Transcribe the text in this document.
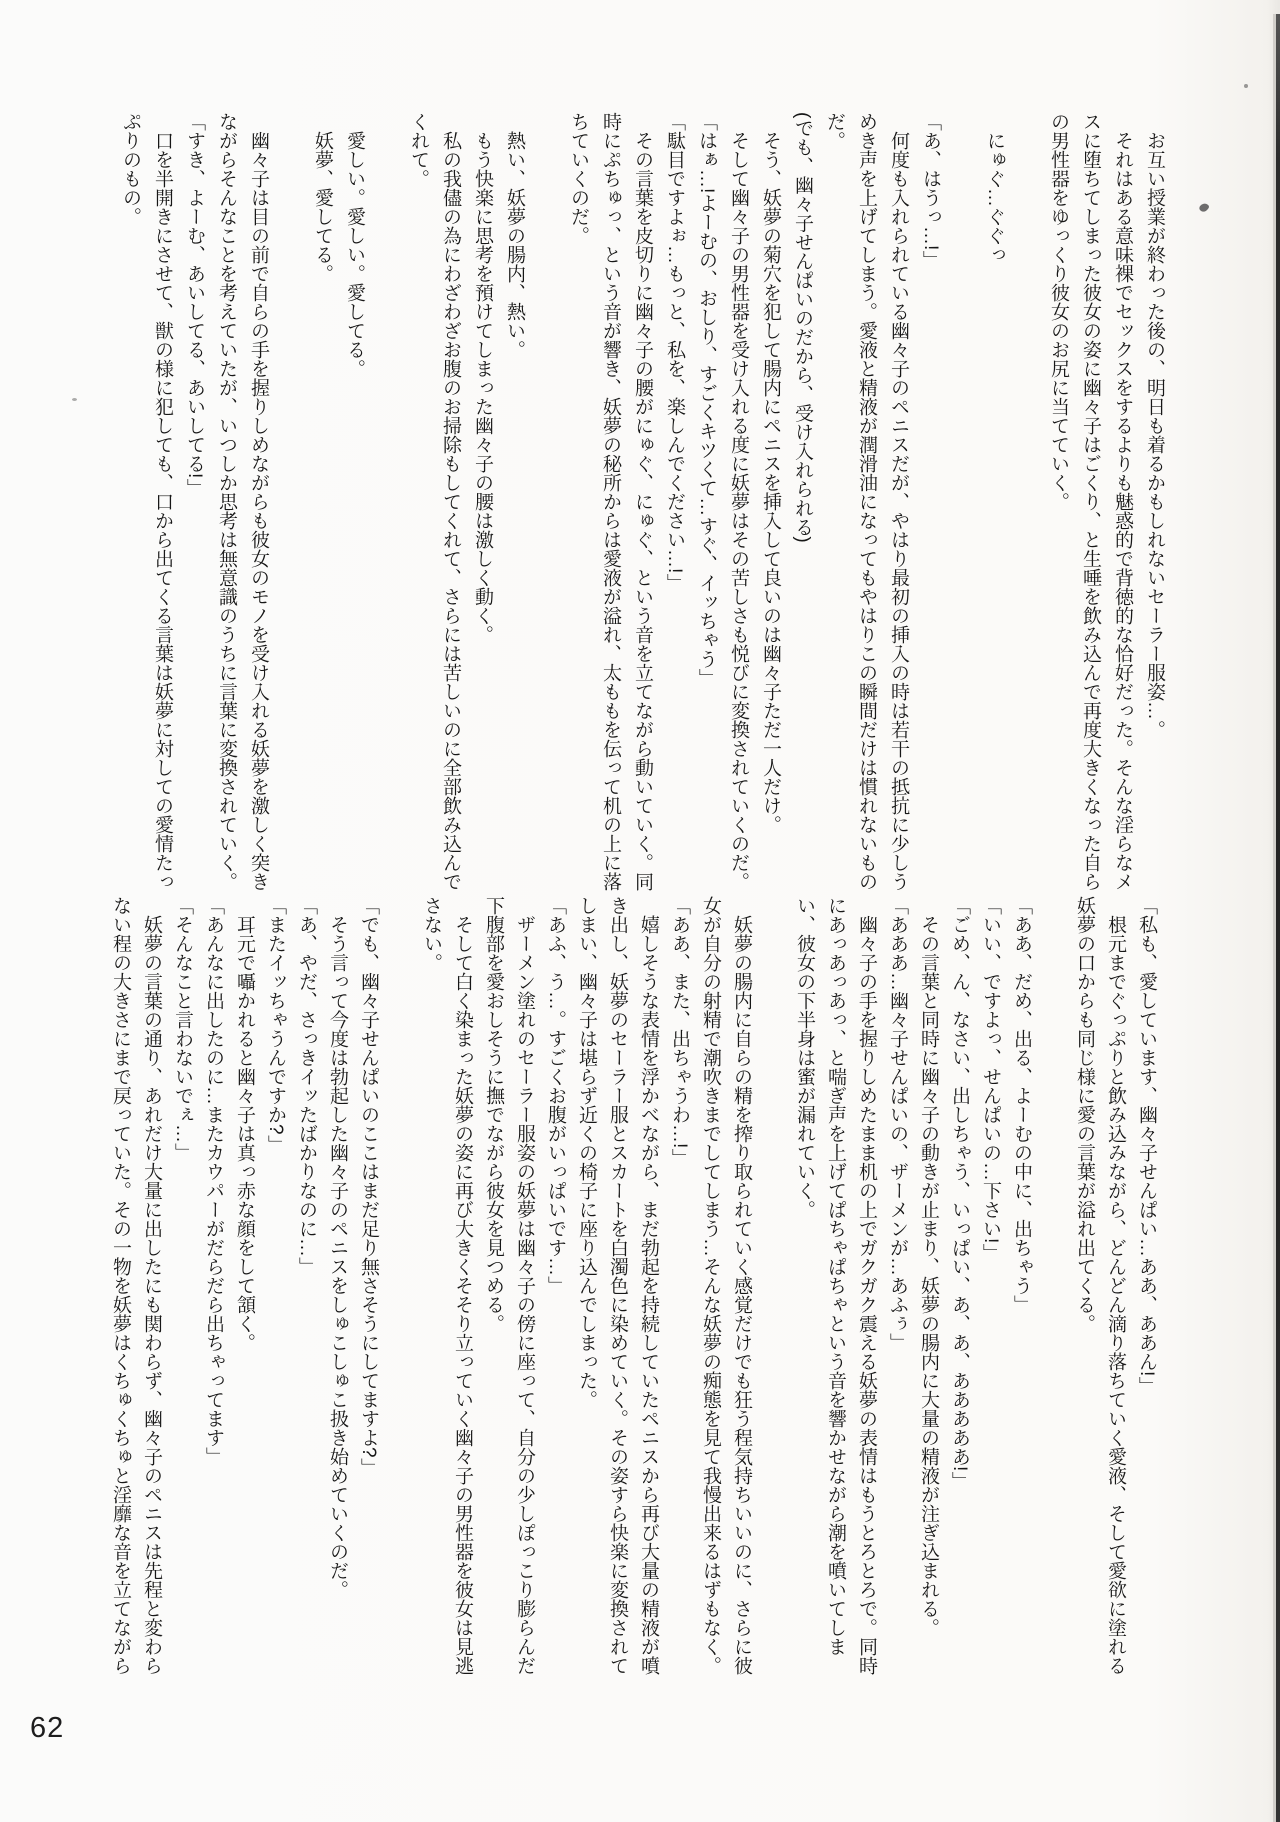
お互い授業が終わった後の、明日も着るかもしれないセーラー服姿…。

それはある意味裸でセックスをするよりも魅惑的で背徳的な恰好だった。そんな淫らなメスに堕ちてしまった彼女の姿に幽々子はごくり、と生唾を飲み込んで再度大きくなった自らの男性器をゆっくり彼女のお尻に当てていく。

にゅぐ…ぐぐっ

「あ、はうっ…!」

何度も入れられている幽々子のペニスだが、やはり最初の挿入の時は若干の抵抗に少しうめき声を上げてしまう。愛液と精液が潤滑油になってもやはりこの瞬間だけは慣れないものだ。

(でも、幽々子せんぱいのだから、受け入れられる)

そう、妖夢の菊穴を犯して腸内にペニスを挿入して良いのは幽々子ただ一人だけ。

そして幽々子の男性器を受け入れる度に妖夢はその苦しさも悦びに変換されていくのだ。

「はぁ…!よーむの、おしり、すごくキツくて…すぐ、イッちゃう」

「駄目ですよぉ…もっと、私を、楽しんでください…!」

その言葉を皮切りに幽々子の腰がにゅぐ、にゅぐ、という音を立てながら動いていく。同時にぷちゅっ、という音が響き、妖夢の秘所からは愛液が溢れ、太ももを伝って机の上に落ちていくのだ。

熱い、妖夢の腸内、熱い。

もう快楽に思考を預けてしまった幽々子の腰は激しく動く。

私の我儘の為にわざわざお腹のお掃除もしてくれて、さらには苦しいのに全部飲み込んでくれて。

愛しい。愛しい。愛してる。

妖夢、愛してる。

幽々子は目の前で自らの手を握りしめながらも彼女のモノを受け入れる妖夢を激しく突きながらそんなことを考えていたが、いつしか思考は無意識のうちに言葉に変換されていく。

「すき、よーむ、あいしてる、あいしてる!」

口を半開きにさせて、獣の様に犯しても、口から出てくる言葉は妖夢に対しての愛情たっぷりのもの。

「私も、愛しています、幽々子せんぱい…ああ、ああん!」

根元までぐっぷりと飲み込みながら、どんどん滴り落ちていく愛液、そして愛欲に塗れる妖夢の口からも同じ様に愛の言葉が溢れ出てくる。

「ああ、だめ、出る、よーむの中に、出ちゃう」

「いい、ですよっ、せんぱいの…下さい!」

「ごめ、ん、なさい、出しちゃう、いっぱい、あ、あ、あああああ!」

その言葉と同時に幽々子の動きが止まり、妖夢の腸内に大量の精液が注ぎ込まれる。

「あああ…幽々子せんぱいの、ザーメンが…あふぅ」

幽々子の手を握りしめたまま机の上でガクガク震える妖夢の表情はもうとろとろで。同時にあっあっあっ、と喘ぎ声を上げてぱちゃぱちゃという音を響かせながら潮を噴いてしまい、彼女の下半身は蜜が漏れていく。

妖夢の腸内に自らの精を搾り取られていく感覚だけでも狂う程気持ちいいのに、さらに彼女が自分の射精で潮吹きまでしてしまう…そんな妖夢の痴態を見て我慢出来るはずもなく。

「ああ、また、出ちゃうわ…!」

嬉しそうな表情を浮かべながら、まだ勃起を持続していたペニスから再び大量の精液が噴き出し、妖夢のセーラー服とスカートを白濁色に染めていく。その姿すら快楽に変換されてしまい、幽々子は堪らず近くの椅子に座り込んでしまった。

「あふ、う…。すごくお腹がいっぱいです…」

ザーメン塗れのセーラー服姿の妖夢は幽々子の傍に座って、自分の少しぽっこり膨らんだ下腹部を愛おしそうに撫でながら彼女を見つめる。

そして白く染まった妖夢の姿に再び大きくそそり立っていく幽々子の男性器を彼女は見逃さない。

「でも、幽々子せんぱいのここはまだ足り無さそうにしてますよ?」

そう言って今度は勃起した幽々子のペニスをしゅこしゅこ扱き始めていくのだ。

「あ、やだ、さっきイッたばかりなのに…」

「またイッちゃうんですか?」

耳元で囁かれると幽々子は真っ赤な顔をして頷く。

「あんなに出したのに…またカウパーがだらだら出ちゃってます」

「そんなこと言わないでぇ…」

妖夢の言葉の通り、あれだけ大量に出したにも関わらず、幽々子のペニスは先程と変わらない程の大きさにまで戻っていた。その一物を妖夢はくちゅくちゅと淫靡な音を立てながら

62
